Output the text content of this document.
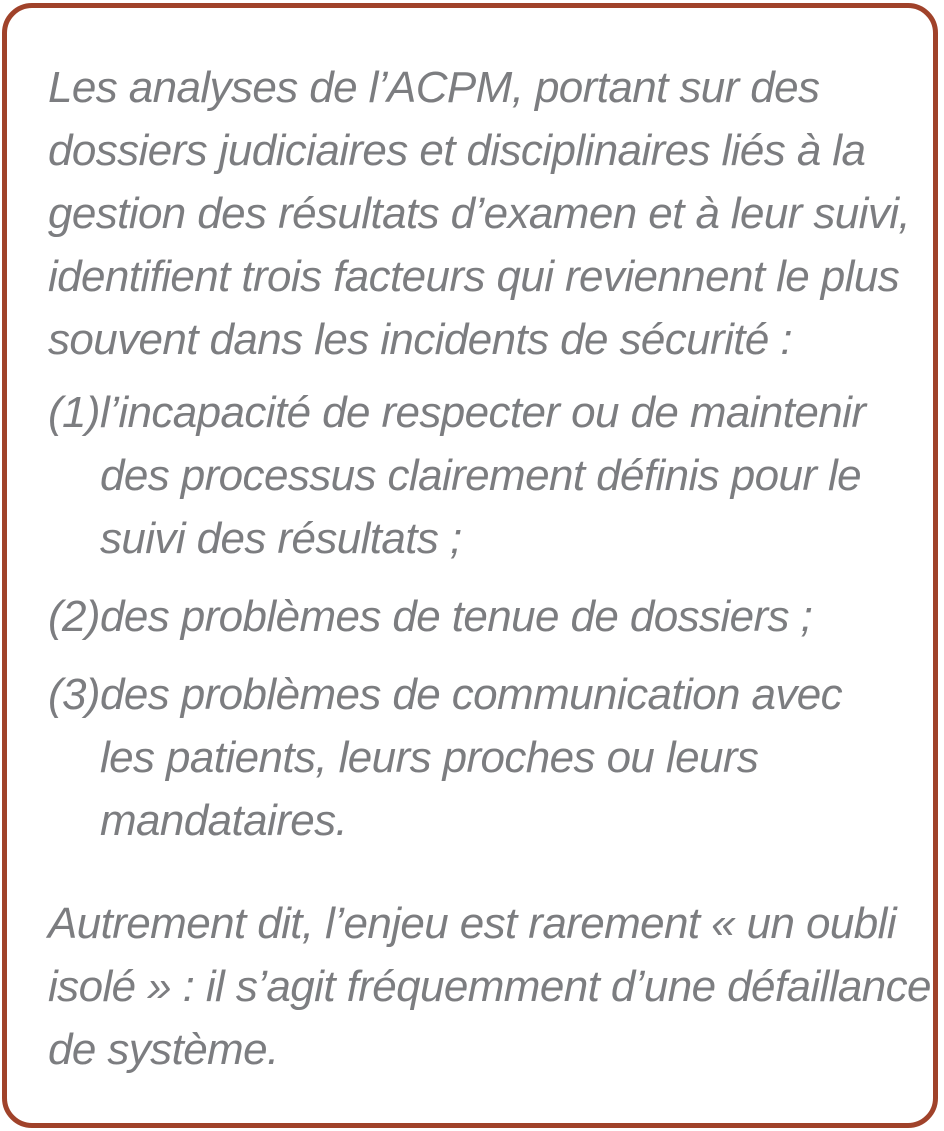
Les analyses de l’ACPM, portant sur des
dossiers judiciaires et disciplinaires liés à la
gestion des résultats d’examen et à leur suivi,
identifient trois facteurs qui reviennent le plus
souvent dans les incidents de sécurité :

(1) l’incapacité de respecter ou de maintenir
des processus clairement définis pour le
suivi des résultats ;
(2) des problèmes de tenue de dossiers ;
(3) des problèmes de communication avec
les patients, leurs proches ou leurs
mandataires.

Autrement dit, l’enjeu est rarement « un oubli
isolé » : il s’agit fréquemment d’une défaillance
de système.
